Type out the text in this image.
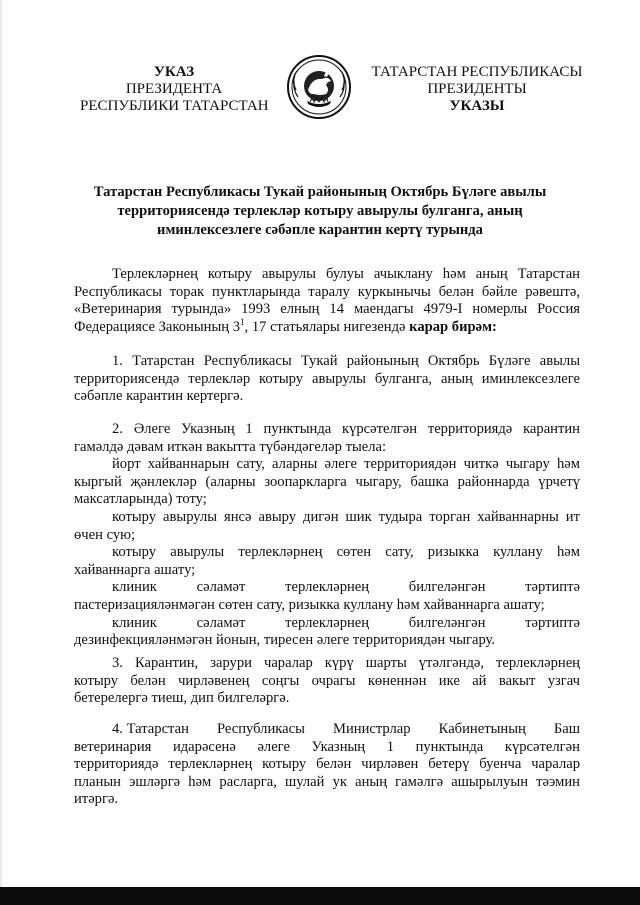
УКАЗ
ПРЕЗИДЕНТА
РЕСПУБЛИКИ ТАТАРСТАН
ТАТАРСТАН РЕСПУБЛИКАСЫ
ПРЕЗИДЕНТЫ
УКАЗЫ
Татарстан Республикасы Тукай районының Октябрь Бүләге авылы
территориясендә терлекләр котыру авырулы булганга, аның
иминлексезлеге сәбәпле карантин кертү турында
Терлекләрнең котыру авырулы булуы ачыклану һәм аның Татарстан
Республикасы торак пунктларында таралу куркынычы белән бәйле рәвештә,
«Ветеринария турында» 1993 елның 14 маендагы 4979-I номерлы Россия
Федерациясе Законының $3^1$, 17 статьялары нигезендә карар бирәм:
1. Татарстан Республикасы Тукай районының Октябрь Бүләге авылы
территориясендә терлекләр котыру авырулы булганга, аның иминлексезлеге
сәбәпле карантин кертергә.
2. Әлеге Указның 1 пунктында күрсәтелгән территориядә карантин
гамәлдә дәвам иткән вакытта түбәндәгеләр тыела:
йорт хайваннарын сату, аларны әлеге территориядән читкә чыгару һәм
кыргый җәнлекләр (аларны зоопаркларга чыгару, башка районнарда үрчетү
максатларында) тоту;
котыру авырулы янсә авыру дигән шик тудыра торган хайваннарны ит
өчен сую;
котыру авырулы терлекләрнең сөтен сату, ризыкка куллану һәм
хайваннарга ашату;
клиник	сәламәт	терлекләрнең	билгеләнгән	тәртиптә
пастеризацияләнмәгән сөтен сату, ризыкка куллану һәм хайваннарга ашату;
клиник	сәламәт	терлекләрнең	билгеләнгән	тәртиптә
дезинфекцияләнмәгән йонын, тиресен әлеге территориядән чыгару.
3. Карантин, зарури чаралар күрү шарты үтәлгәндә, терлекләрнең
котыру белән чирләвенең соңгы очрагы көненнән ике ай вакыт узгач
бетерелергә тиеш, дип билгеләргә.
4. Татарстан Республикасы Министрлар Кабинетының Баш
ветеринария идарәсенә әлеге Указның 1 пунктында күрсәтелгән
территориядә терлекләрнең котыру белән чирләвен бетерү буенча чаралар
планын эшләргә һәм расларга, шулай ук аның гамәлгә ашырылуын тәэмин
итәргә.
